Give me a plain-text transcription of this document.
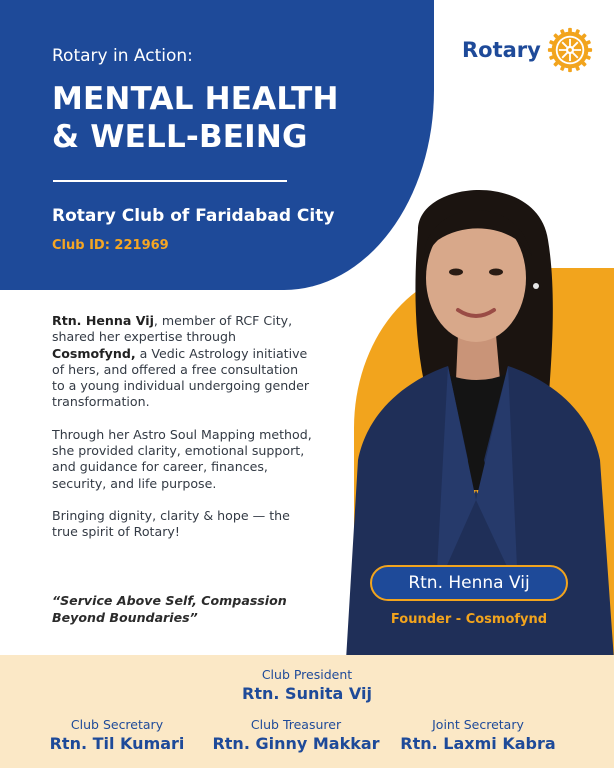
Rotary in Action:
MENTAL HEALTH
& WELL-BEING
Rotary Club of Faridabad City
Club ID: 221969
Rotary

Rtn. Henna Vij, member of RCF City, shared her expertise through Cosmofynd, a Vedic Astrology initiative of hers, and offered a free consultation to a young individual undergoing gender transformation.

Through her Astro Soul Mapping method, she provided clarity, emotional support, and guidance for career, finances, security, and life purpose.

Bringing dignity, clarity & hope — the true spirit of Rotary!

“Service Above Self, Compassion Beyond Boundaries”
Rtn. Henna Vij
Founder - Cosmofynd
Club President
Rtn. Sunita Vij
Club Secretary
Rtn. Til Kumari
Club Treasurer
Rtn. Ginny Makkar
Joint Secretary
Rtn. Laxmi Kabra
